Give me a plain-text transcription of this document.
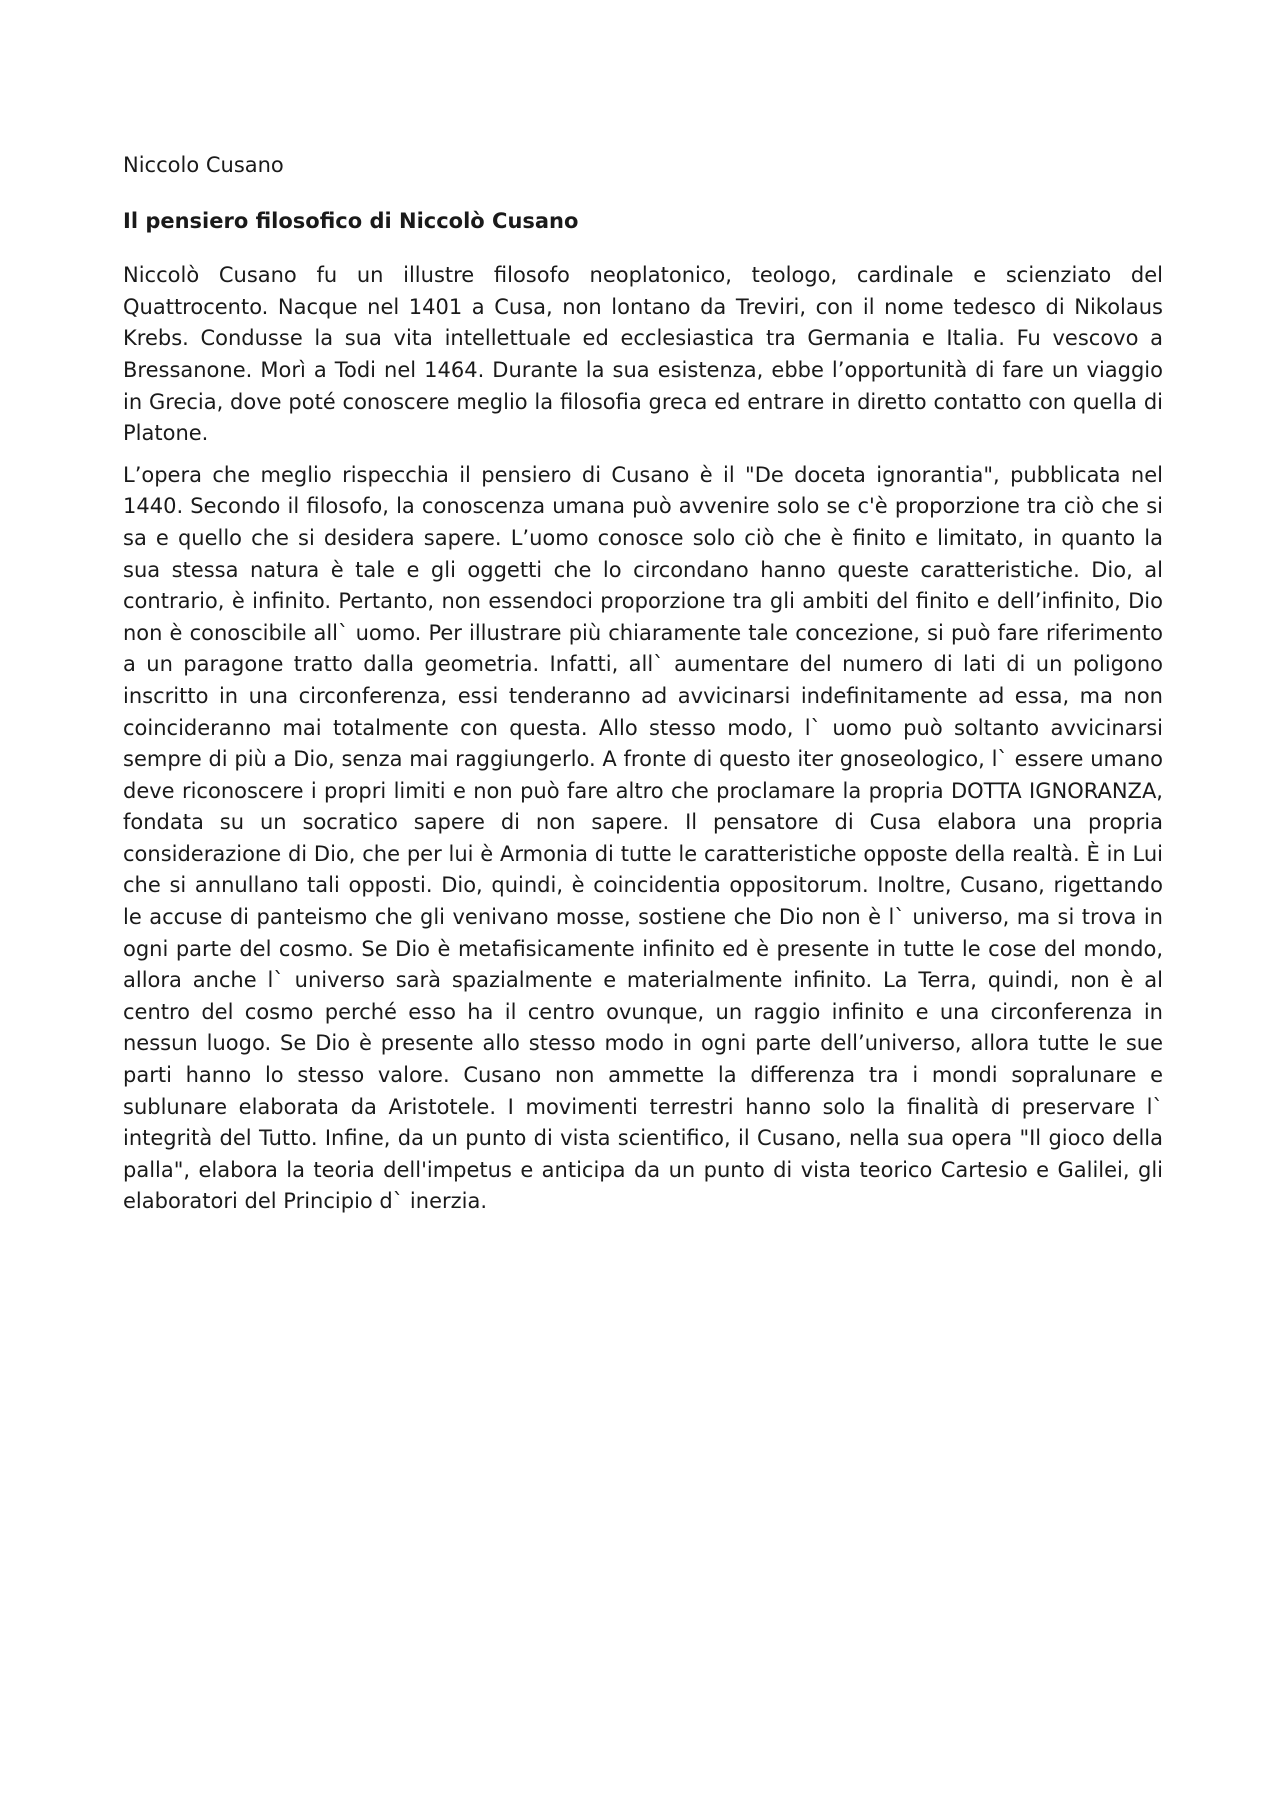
Niccolo Cusano

Il pensiero filosofico di Niccolò Cusano

Niccolò Cusano fu un illustre filosofo neoplatonico, teologo, cardinale e scienziato del Quattrocento. Nacque nel 1401 a Cusa, non lontano da Treviri, con il nome tedesco di Nikolaus Krebs. Condusse la sua vita intellettuale ed ecclesiastica tra Germania e Italia. Fu vescovo a Bressanone. Morì a Todi nel 1464. Durante la sua esistenza, ebbe l’opportunità di fare un viaggio in Grecia, dove poté conoscere meglio la filosofia greca ed entrare in diretto contatto con quella di Platone.

L’opera che meglio rispecchia il pensiero di Cusano è il "De doceta ignorantia", pubblicata nel 1440. Secondo il filosofo, la conoscenza umana può avvenire solo se c'è proporzione tra ciò che si sa e quello che si desidera sapere. L’uomo conosce solo ciò che è finito e limitato, in quanto la sua stessa natura è tale e gli oggetti che lo circondano hanno queste caratteristiche. Dio, al contrario, è infinito. Pertanto, non essendoci proporzione tra gli ambiti del finito e dell’infinito, Dio non è conoscibile all` uomo. Per illustrare più chiaramente tale concezione, si può fare riferimento a un paragone tratto dalla geometria. Infatti, all` aumentare del numero di lati di un poligono inscritto in una circonferenza, essi tenderanno ad avvicinarsi indefinitamente ad essa, ma non coincideranno mai totalmente con questa. Allo stesso modo, l` uomo può soltanto avvicinarsi sempre di più a Dio, senza mai raggiungerlo. A fronte di questo iter gnoseologico, l` essere umano deve riconoscere i propri limiti e non può fare altro che proclamare la propria DOTTA IGNORANZA, fondata su un socratico sapere di non sapere. Il pensatore di Cusa elabora una propria considerazione di Dio, che per lui è Armonia di tutte le caratteristiche opposte della realtà. È in Lui che si annullano tali opposti. Dio, quindi, è coincidentia oppositorum. Inoltre, Cusano, rigettando le accuse di panteismo che gli venivano mosse, sostiene che Dio non è l` universo, ma si trova in ogni parte del cosmo. Se Dio è metafisicamente infinito ed è presente in tutte le cose del mondo, allora anche l` universo sarà spazialmente e materialmente infinito. La Terra, quindi, non è al centro del cosmo perché esso ha il centro ovunque, un raggio infinito e una circonferenza in nessun luogo. Se Dio è presente allo stesso modo in ogni parte dell’universo, allora tutte le sue parti hanno lo stesso valore. Cusano non ammette la differenza tra i mondi sopralunare e sublunare elaborata da Aristotele. I movimenti terrestri hanno solo la finalità di preservare l` integrità del Tutto. Infine, da un punto di vista scientifico, il Cusano, nella sua opera "Il gioco della palla", elabora la teoria dell'impetus e anticipa da un punto di vista teorico Cartesio e Galilei, gli elaboratori del Principio d` inerzia.
